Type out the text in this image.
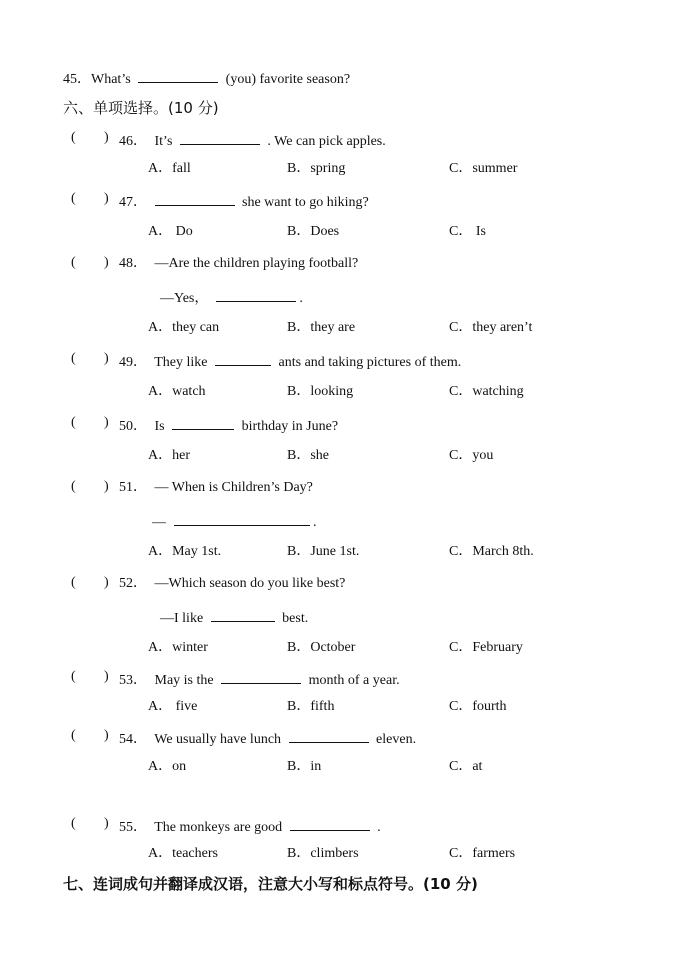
45．What’s	(you) favorite season?
六、单项选择。(10 分)
( ) 46． It’s	. We can pick apples.
A．fall	B．spring	C．summer
( ) 47．	she want to go hiking?
A． Do	B．Does	C． Is
( ) 48． —Are the children playing football?
—Yes，	.
A．they can	B．they are	C．they aren’t
( ) 49． They like	ants and taking pictures of them.
A．watch	B．looking	C．watching
( ) 50． Is	birthday in June?
A．her	B．she	C．you
( ) 51． — When is Children’s Day?
—	.
A．May 1st.	B．June 1st.	C．March 8th.
( ) 52． —Which season do you like best?
—I like	best.
A．winter	B．October	C．February
( ) 53． May is the	month of a year.
A． five	B．fifth	C．fourth
( ) 54． We usually have lunch	eleven.
A．on	B．in	C．at
( ) 55． The monkeys are good	.
A．teachers	B．climbers	C．farmers
七、连词成句并翻译成汉语，注意大小写和标点符号。(10 分)
